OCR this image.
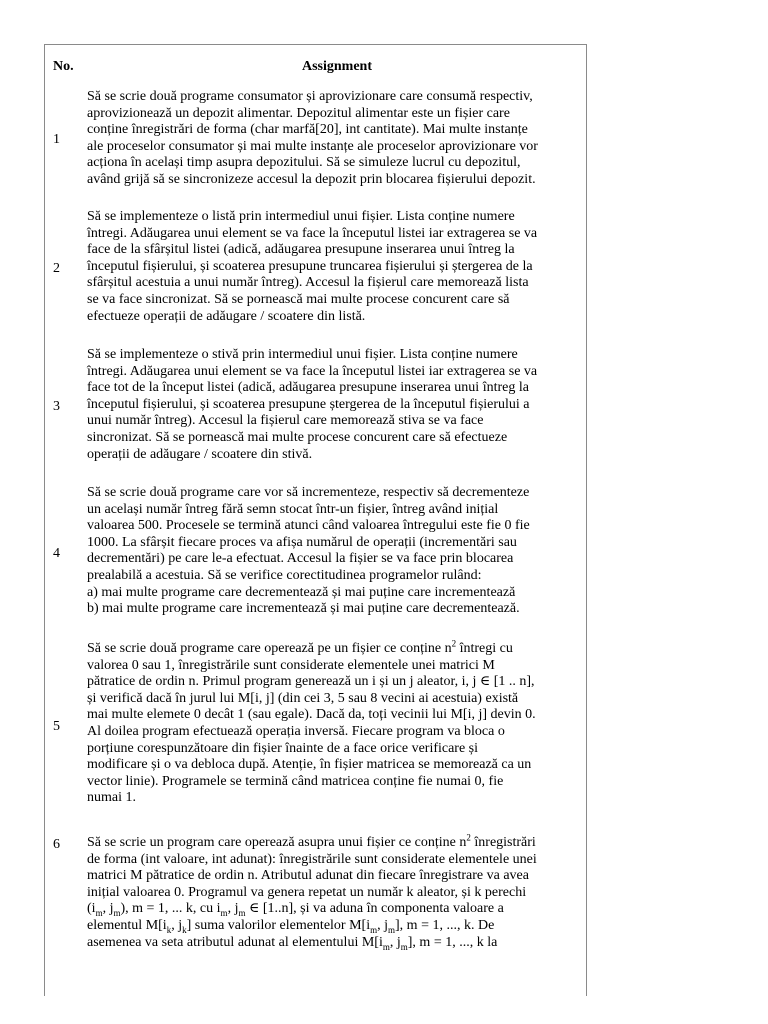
No.	Assignment
1
Să se scrie două programe consumator și aprovizionare care consumă respectiv,
aprovizionează un depozit alimentar. Depozitul alimentar este un fișier care
conține înregistrări de forma (char marfă[20], int cantitate). Mai multe instanțe
ale proceselor consumator și mai multe instanțe ale proceselor aprovizionare vor
acționa în același timp asupra depozitului. Să se simuleze lucrul cu depozitul,
având grijă să se sincronizeze accesul la depozit prin blocarea fișierului depozit.
2
Să se implementeze o listă prin intermediul unui fișier. Lista conține numere
întregi. Adăugarea unui element se va face la începutul listei iar extragerea se va
face de la sfârșitul listei (adică, adăugarea presupune inserarea unui întreg la
începutul fișierului, și scoaterea presupune truncarea fișierului și ștergerea de la
sfârșitul acestuia a unui număr întreg). Accesul la fișierul care memorează lista
se va face sincronizat. Să se pornească mai multe procese concurent care să
efectueze operații de adăugare / scoatere din listă.
3
Să se implementeze o stivă prin intermediul unui fișier. Lista conține numere
întregi. Adăugarea unui element se va face la începutul listei iar extragerea se va
face tot de la început listei (adică, adăugarea presupune inserarea unui întreg la
începutul fișierului, și scoaterea presupune ștergerea de la începutul fișierului a
unui număr întreg). Accesul la fișierul care memorează stiva se va face
sincronizat. Să se pornească mai multe procese concurent care să efectueze
operații de adăugare / scoatere din stivă.
4
Să se scrie două programe care vor să incrementeze, respectiv să decrementeze
un același număr întreg fără semn stocat într-un fișier, întreg având inițial
valoarea 500. Procesele se termină atunci când valoarea întregului este fie 0 fie
1000. La sfârșit fiecare proces va afișa numărul de operații (incrementări sau
decrementări) pe care le-a efectuat. Accesul la fișier se va face prin blocarea
prealabilă a acestuia. Să se verifice corectitudinea programelor rulând:
a) mai multe programe care decrementează și mai puține care incrementează
b) mai multe programe care incrementează și mai puține care decrementează.
5
Să se scrie două programe care operează pe un fișier ce conține $n^2$ întregi cu
valorea 0 sau 1, înregistrările sunt considerate elementele unei matrici M
pătratice de ordin n. Primul program generează un i și un j aleator, i, j ∈ [1 .. n],
și verifică dacă în jurul lui M[i, j] (din cei 3, 5 sau 8 vecini ai acestuia) există
mai multe elemete 0 decât 1 (sau egale). Dacă da, toți vecinii lui M[i, j] devin 0.
Al doilea program efectuează operația inversă. Fiecare program va bloca o
porțiune corespunzătoare din fișier înainte de a face orice verificare și
modificare și o va debloca după. Atenție, în fișier matricea se memorează ca un
vector linie). Programele se termină când matricea conține fie numai 0, fie
numai 1.
6 Să se scrie un program care operează asupra unui fișier ce conține $n^2$ înregistrări
de forma (int valoare, int adunat): înregistrările sunt considerate elementele unei
matrici M pătratice de ordin n. Atributul adunat din fiecare înregistrare va avea
inițial valoarea 0. Programul va genera repetat un număr k aleator, și k perechi
($i_m$, $j_m$), m = 1, ... k, cu $i_m$, $j_m$ ∈ [1..n], și va aduna în componenta valoare a
elementul $M[i_k$, $j_k$] suma valorilor elementelor $M[i_m$, $j_m$], m = 1, ..., k. De
asemenea va seta atributul adunat al elementului $M[i_m$, $j_m$], m = 1, ..., k la
